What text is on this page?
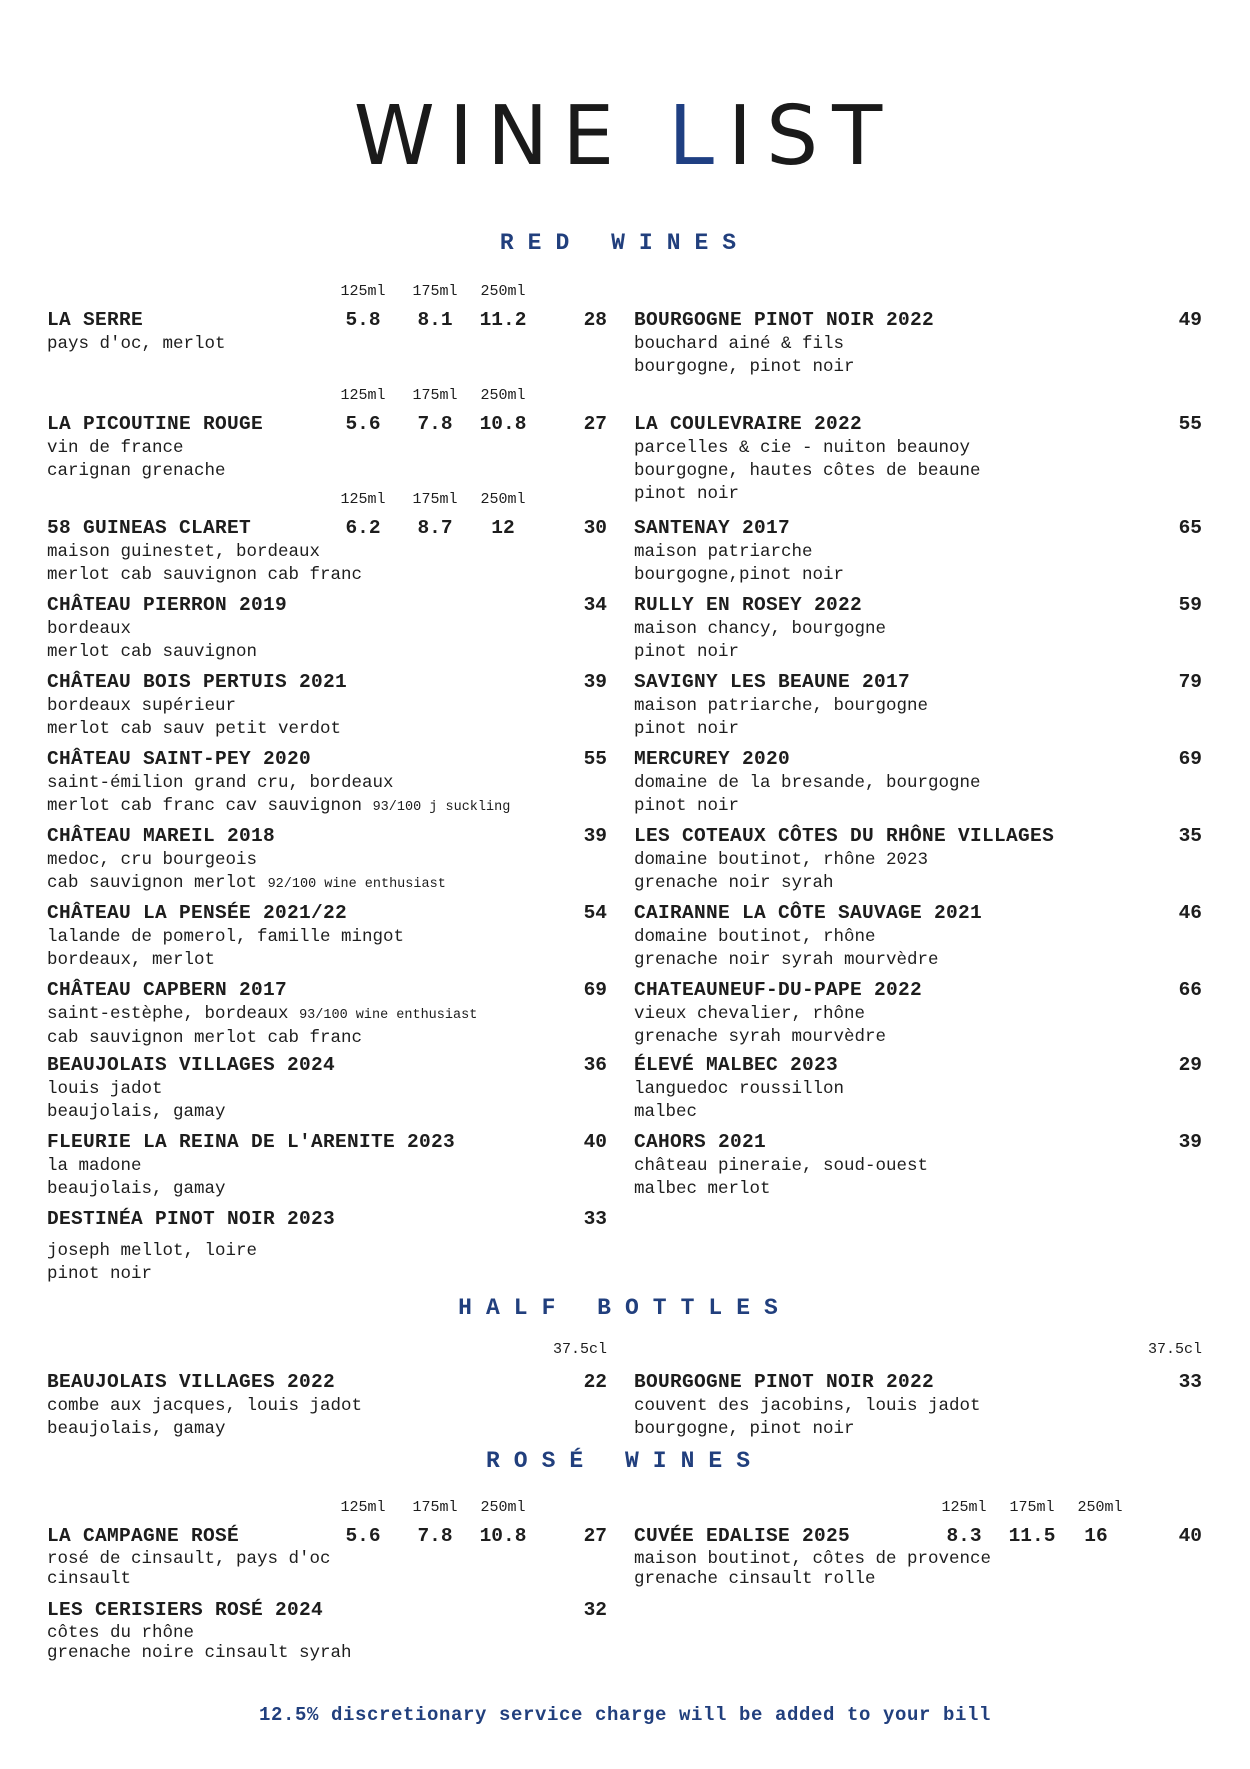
WINE LIST
RED WINES
125ml	175ml	250ml
LA SERRE	5.8	8.1	11.2	28
pays d'oc, merlot
125ml	175ml	250ml
LA PICOUTINE ROUGE	5.6	7.8	10.8	27
vin de france
carignan grenache
125ml	175ml	250ml
58 GUINEAS CLARET	6.2	8.7	12	30
maison guinestet, bordeaux
merlot cab sauvignon cab franc
CHÂTEAU PIERRON 2019	34
bordeaux
merlot cab sauvignon
CHÂTEAU BOIS PERTUIS 2021	39
bordeaux supérieur
merlot cab sauv petit verdot
CHÂTEAU SAINT-PEY 2020	55
saint-émilion grand cru, bordeaux
merlot cab franc cav sauvignon 93/100 j suckling
CHÂTEAU MAREIL 2018	39
medoc, cru bourgeois
cab sauvignon merlot 92/100 wine enthusiast
CHÂTEAU LA PENSÉE 2021/22	54
lalande de pomerol, famille mingot
bordeaux, merlot
CHÂTEAU CAPBERN 2017	69
saint-estèphe, bordeaux 93/100 wine enthusiast
cab sauvignon merlot cab franc
BEAUJOLAIS VILLAGES 2024	36
louis jadot
beaujolais, gamay
FLEURIE LA REINA DE L'ARENITE 2023	40
la madone
beaujolais, gamay
DESTINÉA PINOT NOIR 2023	33
joseph mellot, loire
pinot noir
BOURGOGNE PINOT NOIR 2022	49
bouchard ainé & fils
bourgogne, pinot noir
LA COULEVRAIRE 2022	55
parcelles & cie - nuiton beaunoy
bourgogne, hautes côtes de beaune
pinot noir
SANTENAY 2017	65
maison patriarche
bourgogne,pinot noir
RULLY EN ROSEY 2022	59
maison chancy, bourgogne
pinot noir
SAVIGNY LES BEAUNE 2017	79
maison patriarche, bourgogne
pinot noir
MERCUREY 2020	69
domaine de la bresande, bourgogne
pinot noir
LES COTEAUX CÔTES DU RHÔNE VILLAGES	35
domaine boutinot, rhône 2023
grenache noir syrah
CAIRANNE LA CÔTE SAUVAGE 2021	46
domaine boutinot, rhône
grenache noir syrah mourvèdre
CHATEAUNEUF-DU-PAPE 2022	66
vieux chevalier, rhône
grenache syrah mourvèdre
ÉLEVÉ MALBEC 2023	29
languedoc roussillon
malbec
CAHORS 2021	39
château pineraie, soud-ouest
malbec merlot
HALF BOTTLES
37.5cl
BEAUJOLAIS VILLAGES 2022	22
combe aux jacques, louis jadot
beaujolais, gamay
37.5cl
BOURGOGNE PINOT NOIR 2022	33
couvent des jacobins, louis jadot
bourgogne, pinot noir
ROSÉ WINES
125ml	175ml	250ml
LA CAMPAGNE ROSÉ	5.6	7.8	10.8	27
rosé de cinsault, pays d'oc
cinsault
LES CERISIERS ROSÉ 2024	32
côtes du rhône
grenache noire cinsault syrah
125ml	175ml	250ml
CUVÉE EDALISE 2025	8.3	11.5	16	40
maison boutinot, côtes de provence
grenache cinsault rolle
12.5% discretionary service charge will be added to your bill
